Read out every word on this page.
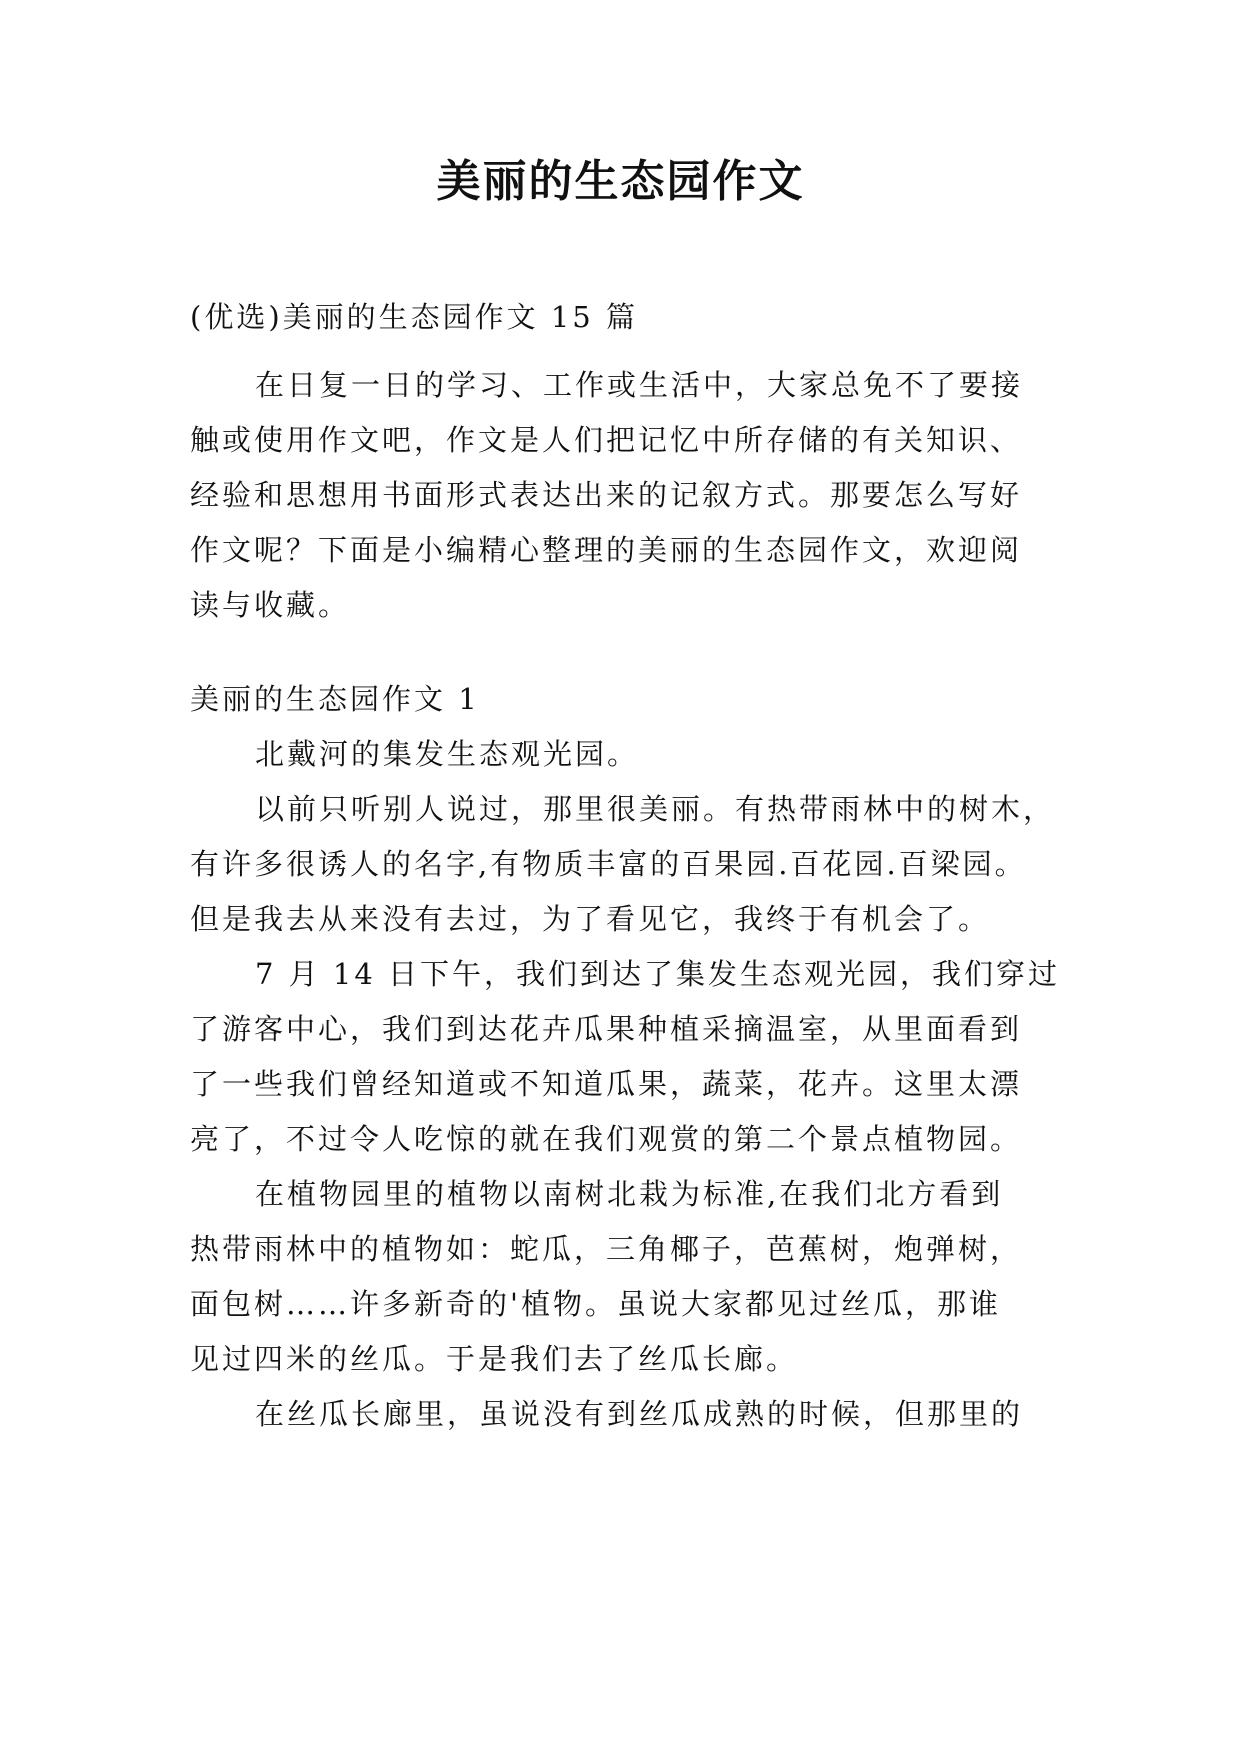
美丽的生态园作文
(优选)美丽的生态园作文 15 篇
在日复一日的学习、工作或生活中，大家总免不了要接
触或使用作文吧，作文是人们把记忆中所存储的有关知识、
经验和思想用书面形式表达出来的记叙方式。那要怎么写好
作文呢？下面是小编精心整理的美丽的生态园作文，欢迎阅
读与收藏。
美丽的生态园作文 1
北戴河的集发生态观光园。
以前只听别人说过，那里很美丽。有热带雨林中的树木，
有许多很诱人的名字,有物质丰富的百果园.百花园.百梁园。
但是我去从来没有去过，为了看见它，我终于有机会了。
7 月 14 日下午，我们到达了集发生态观光园，我们穿过
了游客中心，我们到达花卉瓜果种植采摘温室，从里面看到
了一些我们曾经知道或不知道瓜果，蔬菜，花卉。这里太漂
亮了，不过令人吃惊的就在我们观赏的第二个景点植物园。
在植物园里的植物以南树北栽为标准,在我们北方看到
热带雨林中的植物如：蛇瓜，三角椰子，芭蕉树，炮弹树，
面包树……许多新奇的'植物。虽说大家都见过丝瓜，那谁
见过四米的丝瓜。于是我们去了丝瓜长廊。
在丝瓜长廊里，虽说没有到丝瓜成熟的时候，但那里的
